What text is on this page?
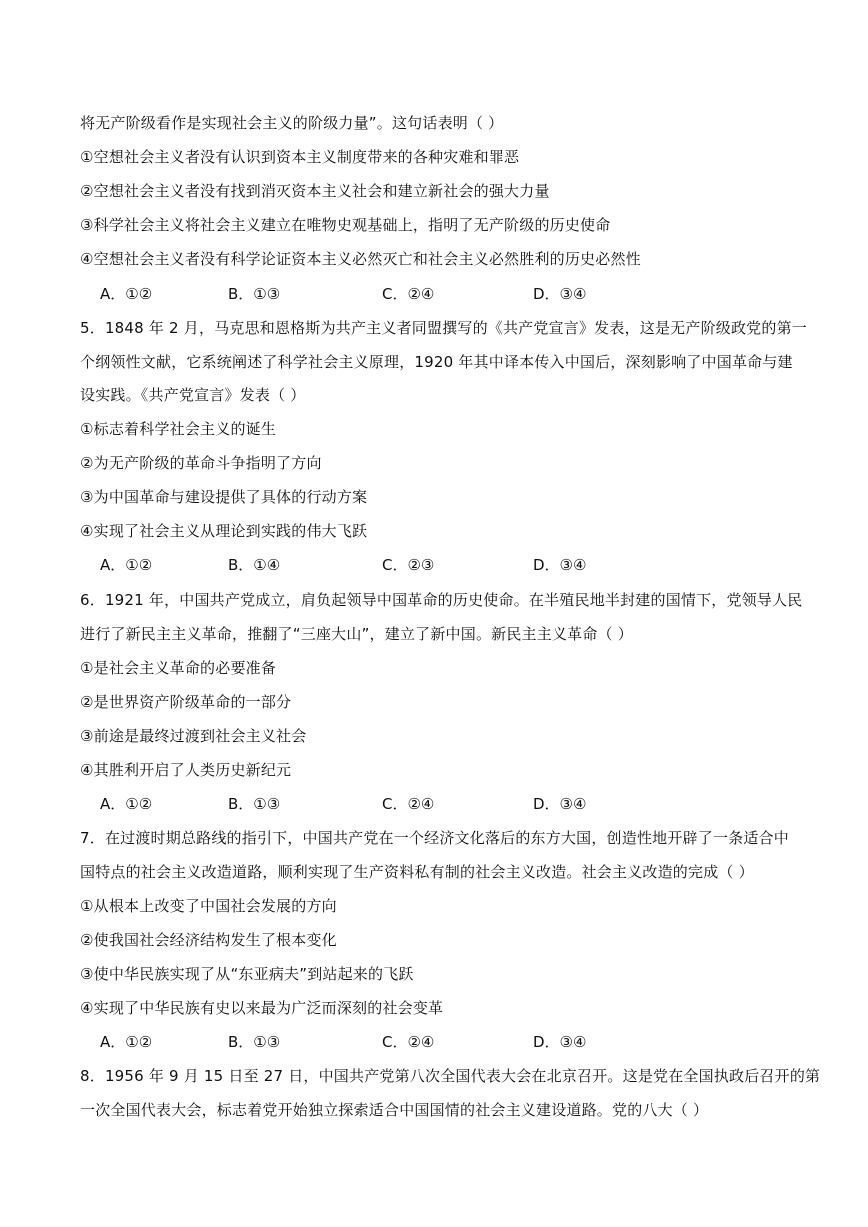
将无产阶级看作是实现社会主义的阶级力量”。这句话表明（ ）
①空想社会主义者没有认识到资本主义制度带来的各种灾难和罪恶
②空想社会主义者没有找到消灭资本主义社会和建立新社会的强大力量
③科学社会主义将社会主义建立在唯物史观基础上，指明了无产阶级的历史使命
④空想社会主义者没有科学论证资本主义必然灭亡和社会主义必然胜利的历史必然性
A．①②	B．①③	C．②④	D．③④
5．1848 年 2 月，马克思和恩格斯为共产主义者同盟撰写的《共产党宣言》发表，这是无产阶级政党的第一
个纲领性文献，它系统阐述了科学社会主义原理，1920 年其中译本传入中国后，深刻影响了中国革命与建
设实践。《共产党宣言》发表（ ）
①标志着科学社会主义的诞生
②为无产阶级的革命斗争指明了方向
③为中国革命与建设提供了具体的行动方案
④实现了社会主义从理论到实践的伟大飞跃
A．①②	B．①④	C．②③	D．③④
6．1921 年，中国共产党成立，肩负起领导中国革命的历史使命。在半殖民地半封建的国情下，党领导人民
进行了新民主主义革命，推翻了“三座大山”，建立了新中国。新民主主义革命（ ）
①是社会主义革命的必要准备
②是世界资产阶级革命的一部分
③前途是最终过渡到社会主义社会
④其胜利开启了人类历史新纪元
A．①②	B．①③	C．②④	D．③④
7．在过渡时期总路线的指引下，中国共产党在一个经济文化落后的东方大国，创造性地开辟了一条适合中
国特点的社会主义改造道路，顺利实现了生产资料私有制的社会主义改造。社会主义改造的完成（ ）
①从根本上改变了中国社会发展的方向
②使我国社会经济结构发生了根本变化
③使中华民族实现了从“东亚病夫”到站起来的飞跃
④实现了中华民族有史以来最为广泛而深刻的社会变革
A．①②	B．①③	C．②④	D．③④
8．1956 年 9 月 15 日至 27 日，中国共产党第八次全国代表大会在北京召开。这是党在全国执政后召开的第
一次全国代表大会，标志着党开始独立探索适合中国国情的社会主义建设道路。党的八大（ ）
